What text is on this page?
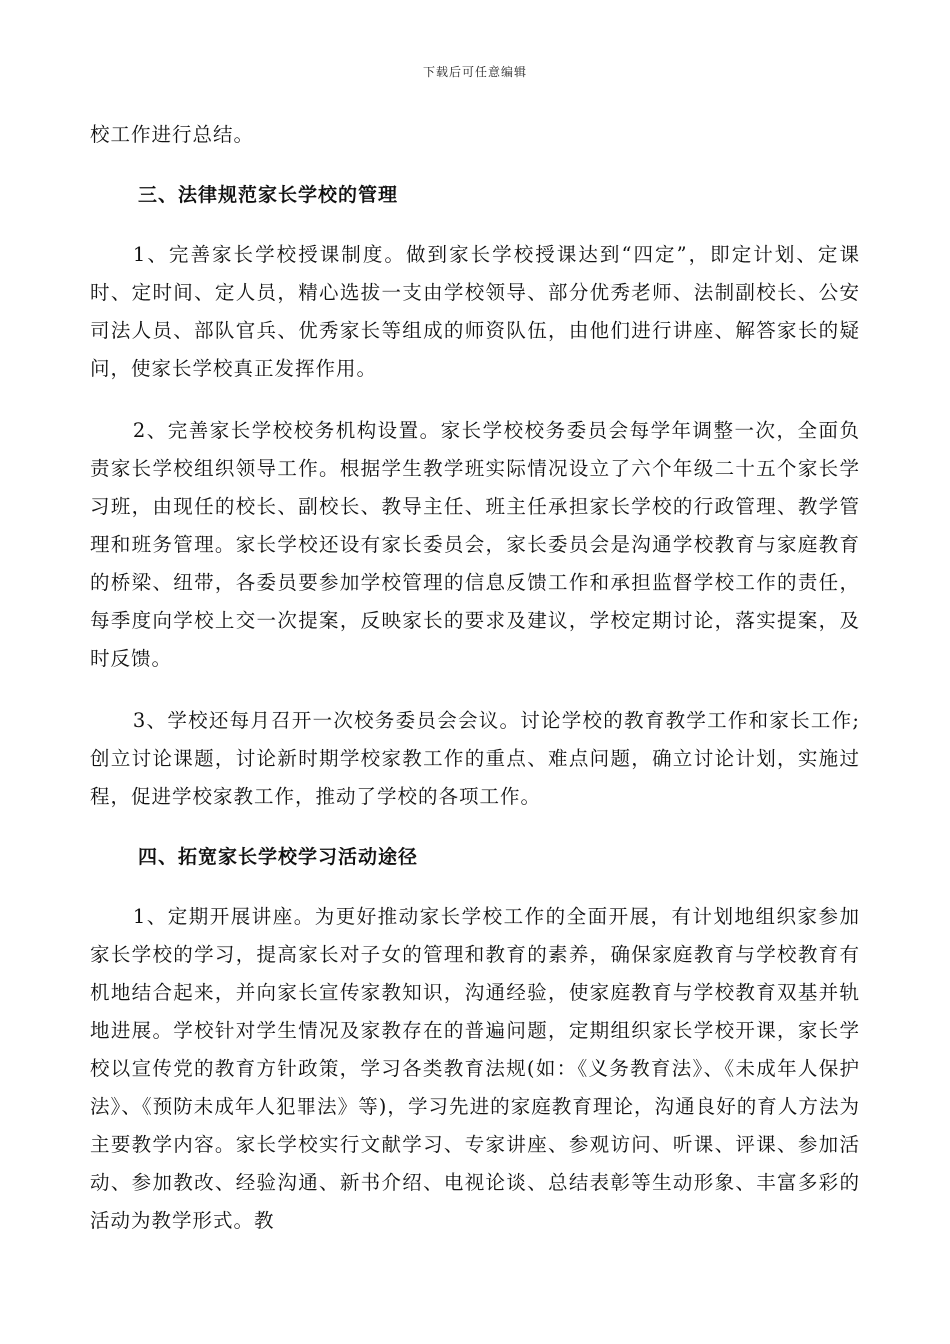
下载后可任意编辑

校工作进行总结。

三、法律规范家长学校的管理

1、完善家长学校授课制度。做到家长学校授课达到“四定”，即定计划、定课时、定时间、定人员，精心选拔一支由学校领导、部分优秀老师、法制副校长、公安司法人员、部队官兵、优秀家长等组成的师资队伍，由他们进行讲座、解答家长的疑问，使家长学校真正发挥作用。

2、完善家长学校校务机构设置。家长学校校务委员会每学年调整一次，全面负责家长学校组织领导工作。根据学生教学班实际情况设立了六个年级二十五个家长学习班，由现任的校长、副校长、教导主任、班主任承担家长学校的行政管理、教学管理和班务管理。家长学校还设有家长委员会，家长委员会是沟通学校教育与家庭教育的桥梁、纽带，各委员要参加学校管理的信息反馈工作和承担监督学校工作的责任，每季度向学校上交一次提案，反映家长的要求及建议，学校定期讨论，落实提案，及时反馈。

3、学校还每月召开一次校务委员会会议。讨论学校的教育教学工作和家长工作;创立讨论课题，讨论新时期学校家教工作的重点、难点问题，确立讨论计划，实施过程，促进学校家教工作，推动了学校的各项工作。

四、拓宽家长学校学习活动途径

1、定期开展讲座。为更好推动家长学校工作的全面开展，有计划地组织家参加家长学校的学习，提高家长对子女的管理和教育的素养，确保家庭教育与学校教育有机地结合起来，并向家长宣传家教知识，沟通经验，使家庭教育与学校教育双基并轨地进展。学校针对学生情况及家教存在的普遍问题，定期组织家长学校开课，家长学校以宣传党的教育方针政策，学习各类教育法规(如：《义务教育法》、《未成年人保护法》、《预防未成年人犯罪法》等)，学习先进的家庭教育理论，沟通良好的育人方法为主要教学内容。家长学校实行文献学习、专家讲座、参观访问、听课、评课、参加活动、参加教改、经验沟通、新书介绍、电视论谈、总结表彰等生动形象、丰富多彩的活动为教学形式。教
